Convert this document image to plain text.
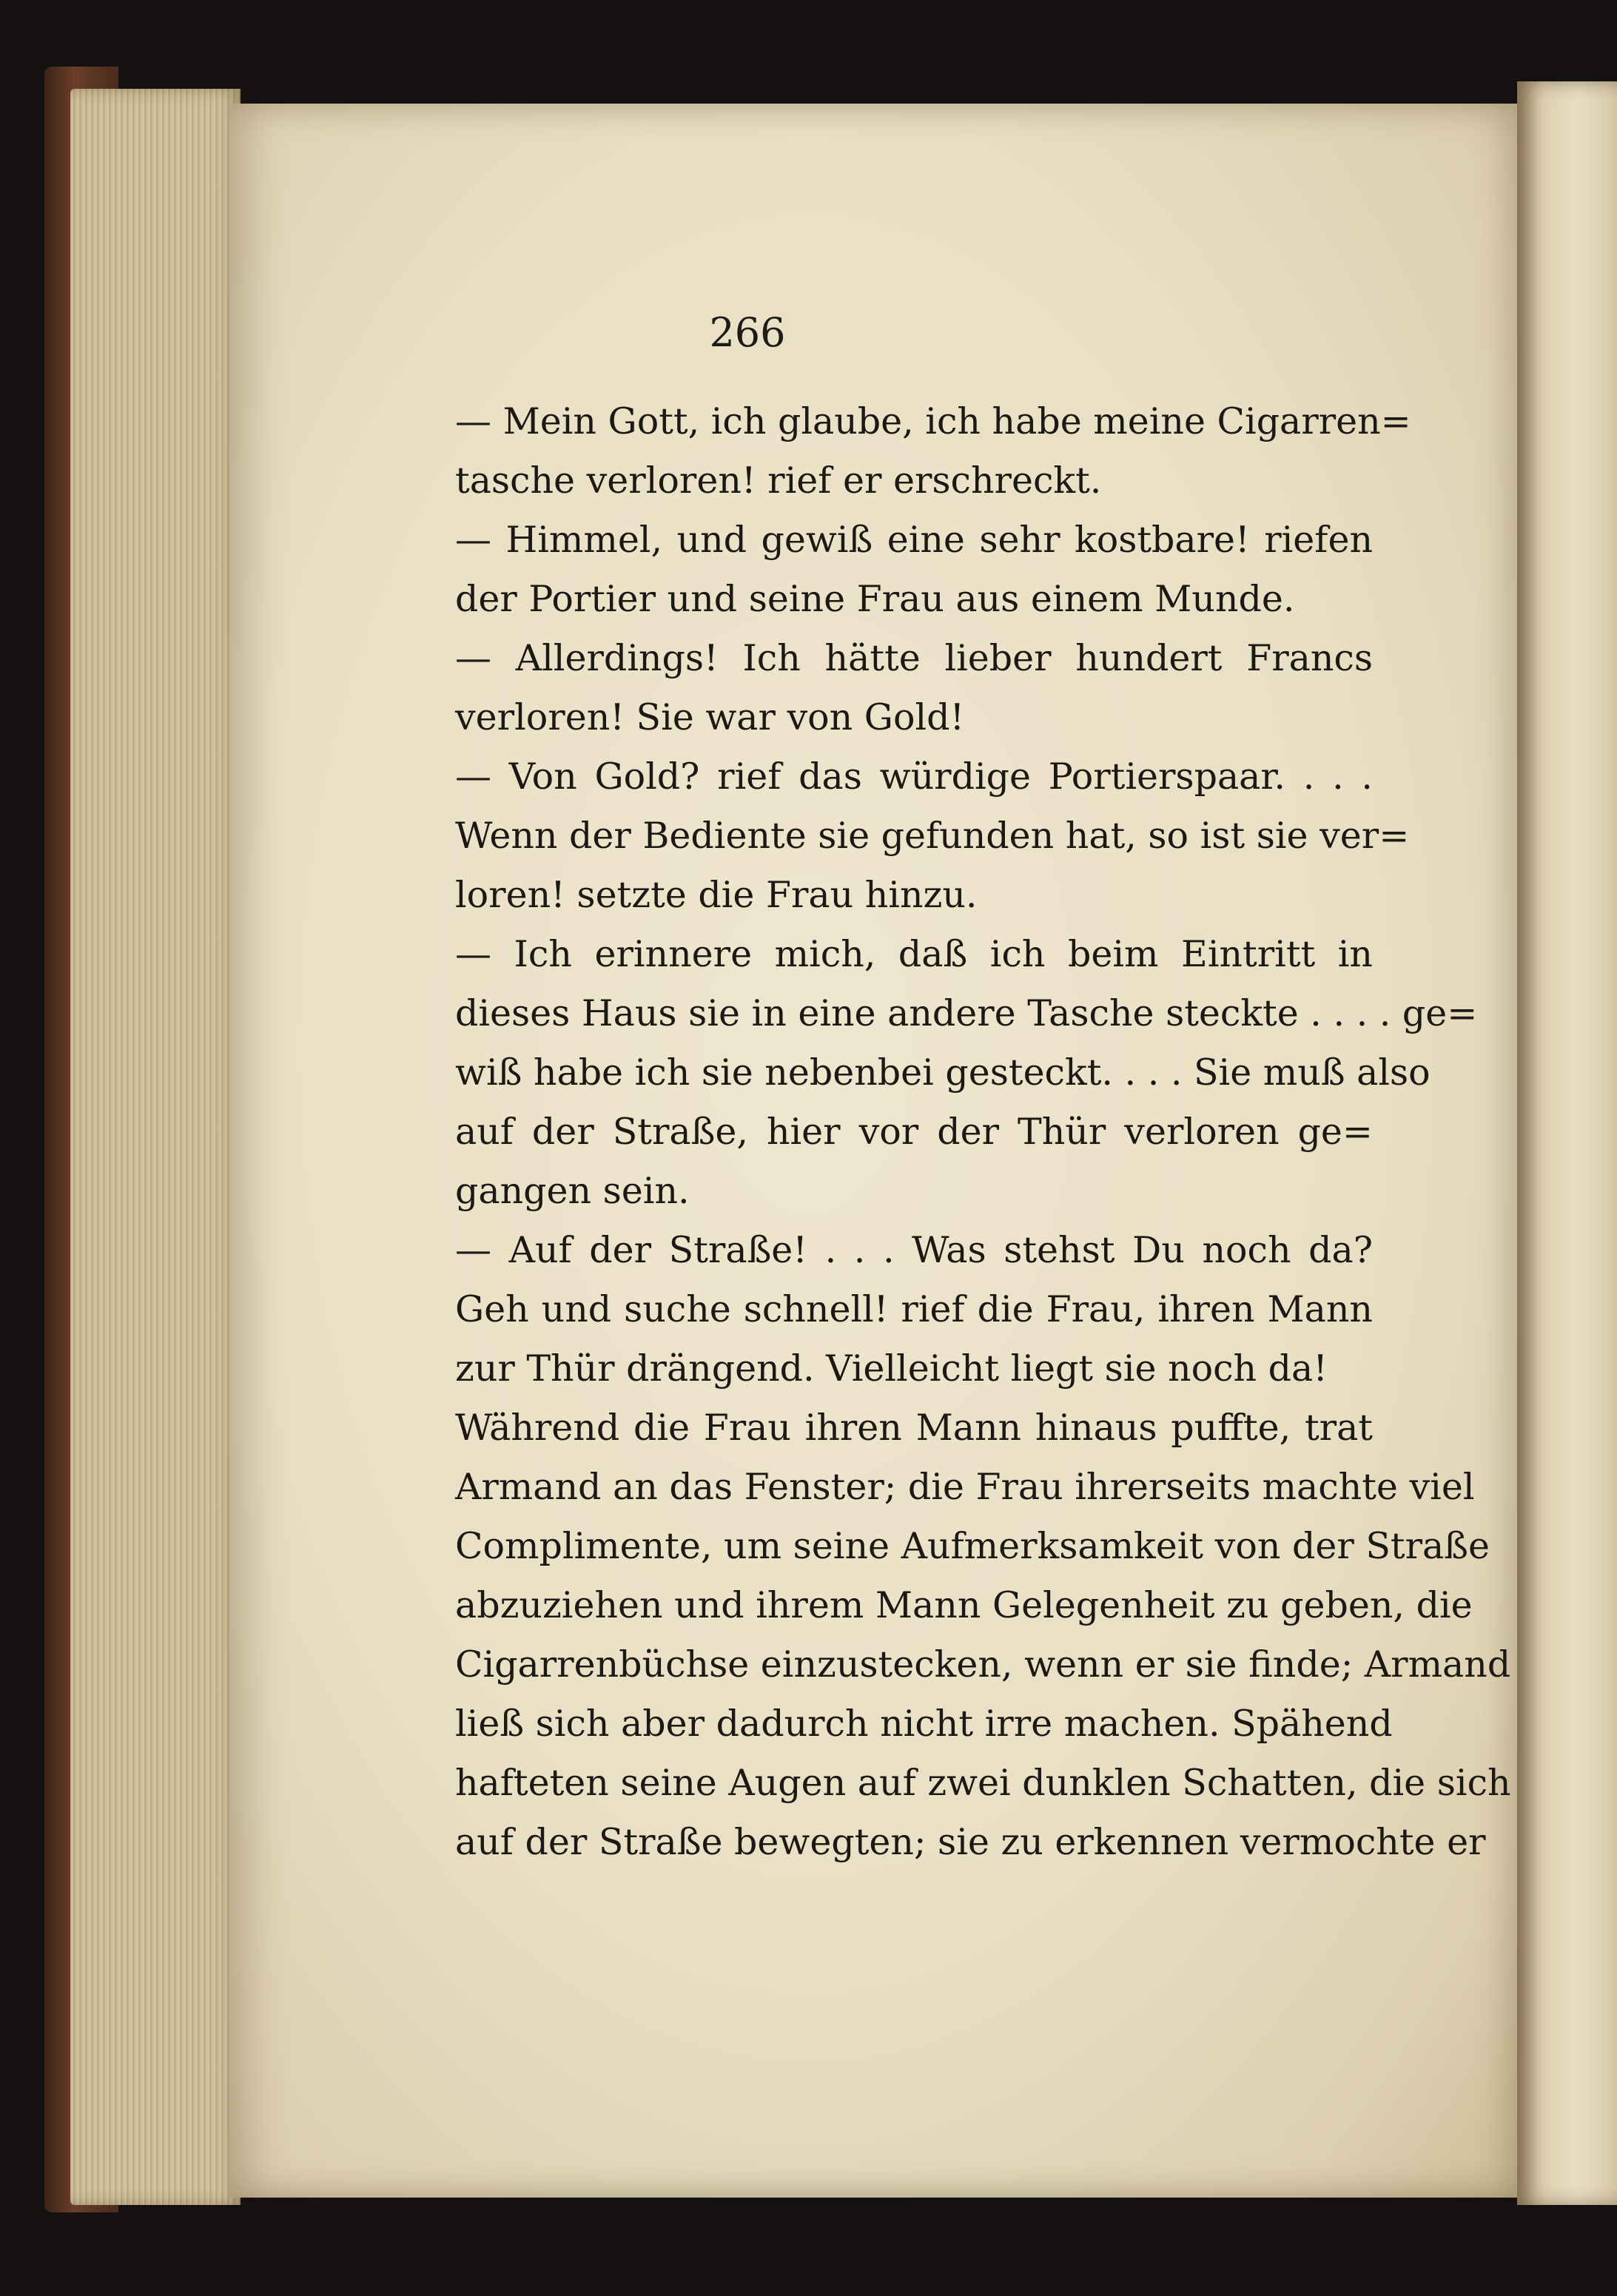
266
— Mein Gott, ich glaube, ich habe meine Cigarren=
tasche verloren! rief er erschreckt.
— Himmel, und gewiß eine sehr kostbare! riefen
der Portier und seine Frau aus einem Munde.
— Allerdings! Ich hätte lieber hundert Francs
verloren! Sie war von Gold!
— Von Gold? rief das würdige Portierspaar. . . .
Wenn der Bediente sie gefunden hat, so ist sie ver=
loren! setzte die Frau hinzu.
— Ich erinnere mich, daß ich beim Eintritt in
dieses Haus sie in eine andere Tasche steckte . . . . ge=
wiß habe ich sie nebenbei gesteckt. . . . Sie muß also
auf der Straße, hier vor der Thür verloren ge=
gangen sein.
— Auf der Straße! . . . Was stehst Du noch da?
Geh und suche schnell! rief die Frau, ihren Mann
zur Thür drängend. Vielleicht liegt sie noch da!
Während die Frau ihren Mann hinaus puffte, trat
Armand an das Fenster; die Frau ihrerseits machte viel
Complimente, um seine Aufmerksamkeit von der Straße
abzuziehen und ihrem Mann Gelegenheit zu geben, die
Cigarrenbüchse einzustecken, wenn er sie finde; Armand
ließ sich aber dadurch nicht irre machen. Spähend
hafteten seine Augen auf zwei dunklen Schatten, die sich
auf der Straße bewegten; sie zu erkennen vermochte er
